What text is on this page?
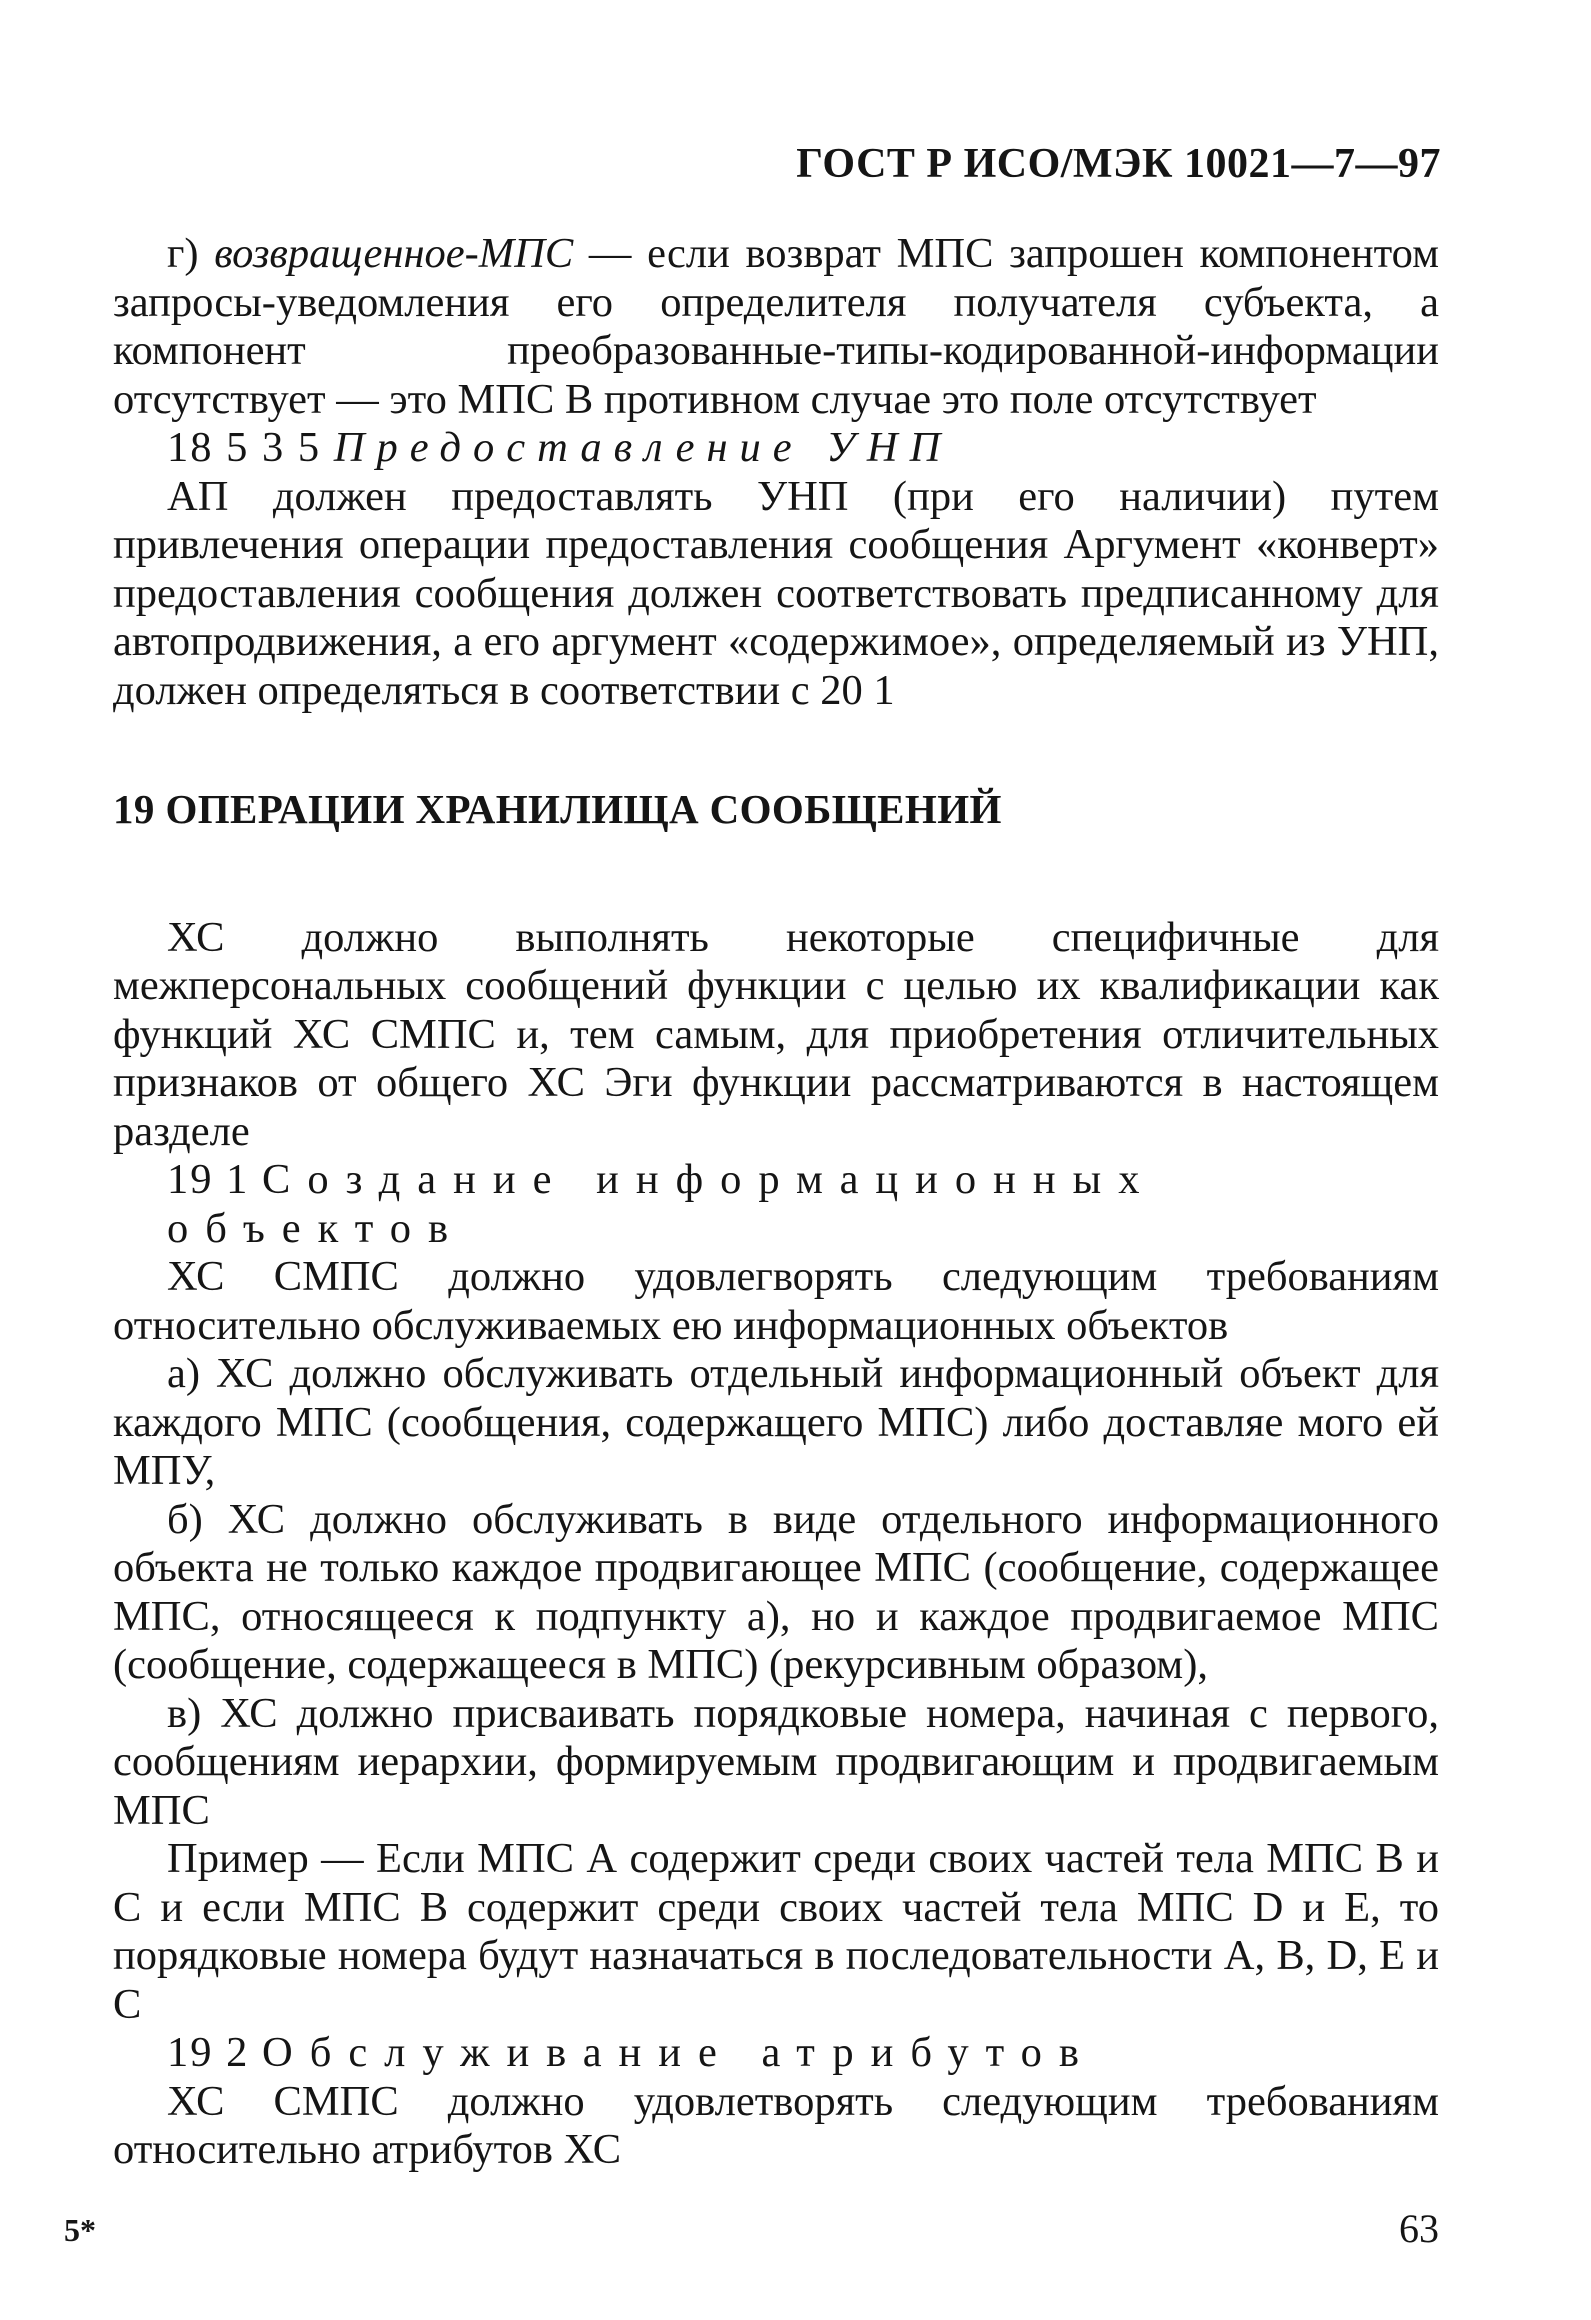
ГОСТ Р ИСО/МЭК 10021—7—97

г) возвращенное-МПС — если возврат МПС запрошен компонентом запросы-уведомления его определителя получателя субъекта, а компонент преобразованные-типы-кодированной-информации отсутствует — это МПС В противном случае это поле отсутствует

18 5 3 5 Предоставление УНП

АП должен предоставлять УНП (при его наличии) путем привлечения операции предоставления сообщения Аргумент «конверт» предоставления сообщения должен соответствовать предписанному для автопродвижения, а его аргумент «содержимое», определяемый из УНП, должен определяться в соответствии с 20 1

19 ОПЕРАЦИИ ХРАНИЛИЩА СООБЩЕНИЙ

ХС должно выполнять некоторые специфичные для межперсональных сообщений функции с целью их квалификации как функций ХС СМПС и, тем самым, для приобретения отличительных признаков от общего ХС Эги функции рассматриваются в настоящем разделе

19 1 Создание информационных объектов

ХС СМПС должно удовлегворять следующим требованиям относительно обслуживаемых ею информационных объектов

а) ХС должно обслуживать отдельный информационный объект для каждого МПС (сообщения, содержащего МПС) либо доставляе мого ей МПУ,

б) ХС должно обслуживать в виде отдельного информационного объекта не только каждое продвигающее МПС (сообщение, содержащее МПС, относящееся к подпункту а), но и каждое продвигаемое МПС (сообщение, содержащееся в МПС) (рекурсивным образом),

в) ХС должно присваивать порядковые номера, начиная с первого, сообщениям иерархии, формируемым продвигающим и продвигаемым МПС

Пример — Если МПС А содержит среди своих частей тела МПС В и С и если МПС В содержит среди своих частей тела МПС D и Е, то порядковые номера будут назначаться в последовательности А, В, D, Е и С

19 2 Обслуживание атрибутов

ХС СМПС должно удовлетворять следующим требованиям относительно атрибутов ХС

5*	63
